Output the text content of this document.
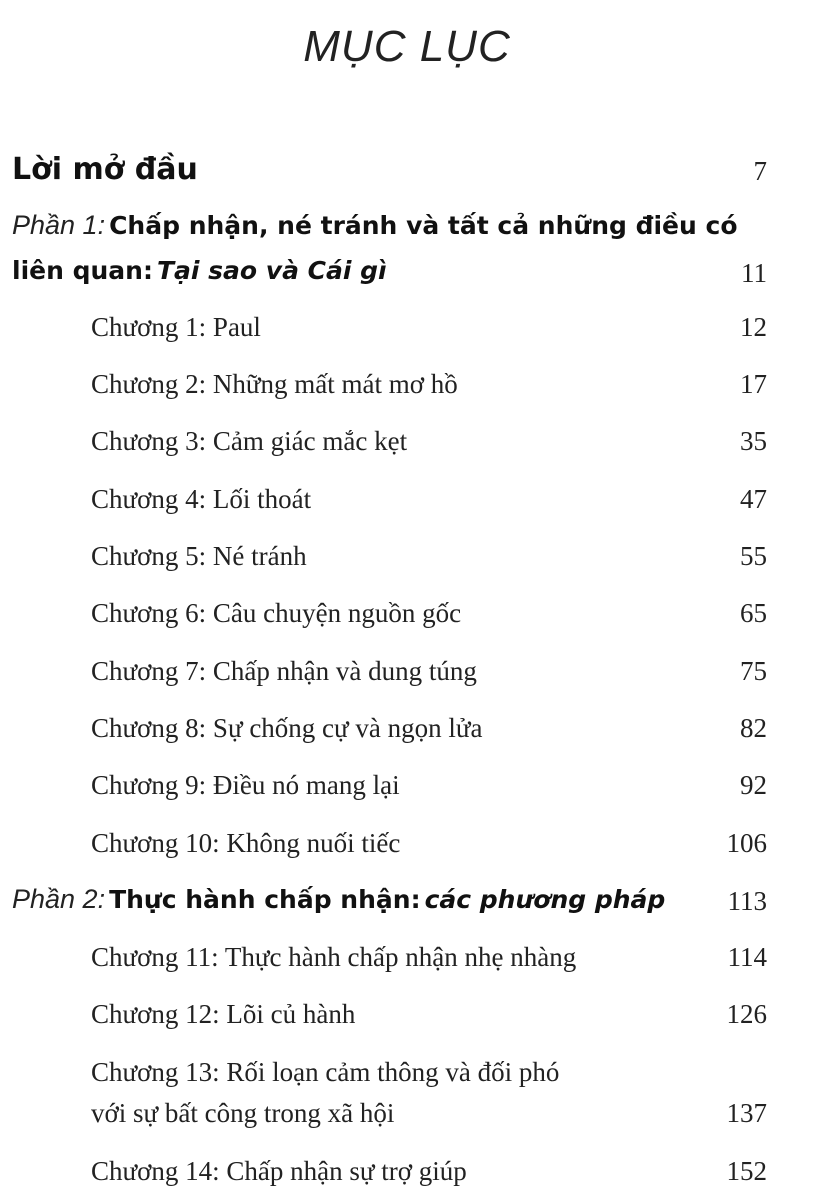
MỤC LỤC
Lời mở đầu	7
Phần 1: Chấp nhận, né tránh và tất cả những điều có
liên quan: Tại sao và Cái gì	11
Chương 1: Paul	12
Chương 2: Những mất mát mơ hồ	17
Chương 3: Cảm giác mắc kẹt	35
Chương 4: Lối thoát	47
Chương 5: Né tránh	55
Chương 6: Câu chuyện nguồn gốc	65
Chương 7: Chấp nhận và dung túng	75
Chương 8: Sự chống cự và ngọn lửa	82
Chương 9: Điều nó mang lại	92
Chương 10: Không nuối tiếc	106
Phần 2: Thực hành chấp nhận: các phương pháp 113
Chương 11: Thực hành chấp nhận nhẹ nhàng	114
Chương 12: Lõi củ hành	126
Chương 13: Rối loạn cảm thông và đối phó
với sự bất công trong xã hội	137
Chương 14: Chấp nhận sự trợ giúp	152
